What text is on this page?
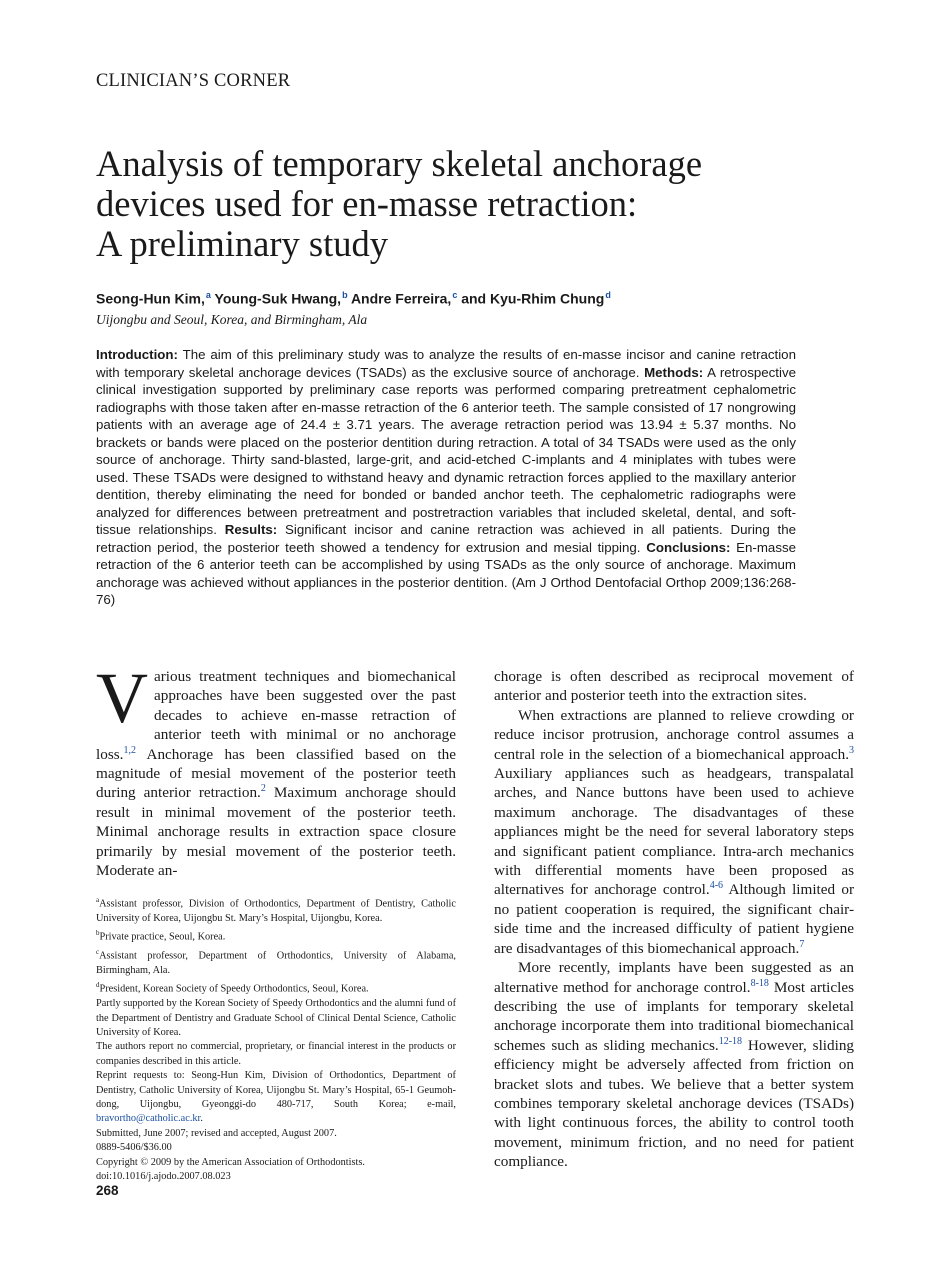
CLINICIAN’S CORNER
Analysis of temporary skeletal anchorage
devices used for en-masse retraction:
A preliminary study
Seong-Hun Kim,$^a$ Young-Suk Hwang,$^b$ Andre Ferreira,$^c$ and Kyu-Rhim Chung$^d$
Uijongbu and Seoul, Korea, and Birmingham, Ala

Introduction: The aim of this preliminary study was to analyze the results of en-masse incisor and canine retraction with temporary skeletal anchorage devices (TSADs) as the exclusive source of anchorage. Methods: A retrospective clinical investigation supported by preliminary case reports was performed comparing pretreatment cephalometric radiographs with those taken after en-masse retraction of the 6 anterior teeth. The sample consisted of 17 nongrowing patients with an average age of 24.4 ± 3.71 years. The average retraction period was 13.94 ± 5.37 months. No brackets or bands were placed on the posterior dentition during retraction. A total of 34 TSADs were used as the only source of anchorage. Thirty sand-blasted, large-grit, and acid-etched C-implants and 4 miniplates with tubes were used. These TSADs were designed to withstand heavy and dynamic retraction forces applied to the maxillary anterior dentition, thereby eliminating the need for bonded or banded anchor teeth. The cephalometric radiographs were analyzed for differences between pretreatment and postretraction variables that included skeletal, dental, and soft-tissue relationships. Results: Significant incisor and canine retraction was achieved in all patients. During the retraction period, the posterior teeth showed a tendency for extrusion and mesial tipping. Conclusions: En-masse retraction of the 6 anterior teeth can be accomplished by using TSADs as the only source of anchorage. Maximum anchorage was achieved without appliances in the posterior dentition. (Am J Orthod Dentofacial Orthop 2009;136:268-76)

Various treatment techniques and biomechanical approaches have been suggested over the past decades to achieve en-masse retraction of anterior teeth with minimal or no anchorage loss.$^{1,2}$ Anchorage has been classified based on the magnitude of mesial movement of the posterior teeth during anterior retraction.$^2$ Maximum anchorage should result in minimal movement of the posterior teeth. Minimal anchorage results in extraction space closure primarily by mesial movement of the posterior teeth. Moderate an-

$^a$Assistant professor, Division of Orthodontics, Department of Dentistry, Catholic University of Korea, Uijongbu St. Mary’s Hospital, Uijongbu, Korea.
$^b$Private practice, Seoul, Korea.
$^c$Assistant professor, Department of Orthodontics, University of Alabama, Birmingham, Ala.
$^d$President, Korean Society of Speedy Orthodontics, Seoul, Korea.
Partly supported by the Korean Society of Speedy Orthodontics and the alumni fund of the Department of Dentistry and Graduate School of Clinical Dental Science, Catholic University of Korea.
The authors report no commercial, proprietary, or financial interest in the products or companies described in this article.
Reprint requests to: Seong-Hun Kim, Division of Orthodontics, Department of Dentistry, Catholic University of Korea, Uijongbu St. Mary’s Hospital, 65-1 Geumoh-dong, Uijongbu, Gyeonggi-do 480-717, South Korea; e-mail, bravortho@catholic.ac.kr.
Submitted, June 2007; revised and accepted, August 2007.
0889-5406/$36.00
Copyright © 2009 by the American Association of Orthodontists.
doi:10.1016/j.ajodo.2007.08.023

chorage is often described as reciprocal movement of anterior and posterior teeth into the extraction sites.

When extractions are planned to relieve crowding or reduce incisor protrusion, anchorage control assumes a central role in the selection of a biomechanical approach.$^3$ Auxiliary appliances such as headgears, transpalatal arches, and Nance buttons have been used to achieve maximum anchorage. The disadvantages of these appliances might be the need for several laboratory steps and significant patient compliance. Intra-arch mechanics with differential moments have been proposed as alternatives for anchorage control.$^{4-6}$ Although limited or no patient cooperation is required, the significant chair-side time and the increased difficulty of patient hygiene are disadvantages of this biomechanical approach.$^7$

More recently, implants have been suggested as an alternative method for anchorage control.$^{8-18}$ Most articles describing the use of implants for temporary skeletal anchorage incorporate them into traditional biomechanical schemes such as sliding mechanics.$^{12-18}$ However, sliding efficiency might be adversely affected from friction on bracket slots and tubes. We believe that a better system combines temporary skeletal anchorage devices (TSADs) with light continuous forces, the ability to control tooth movement, minimum friction, and no need for patient compliance.

268
